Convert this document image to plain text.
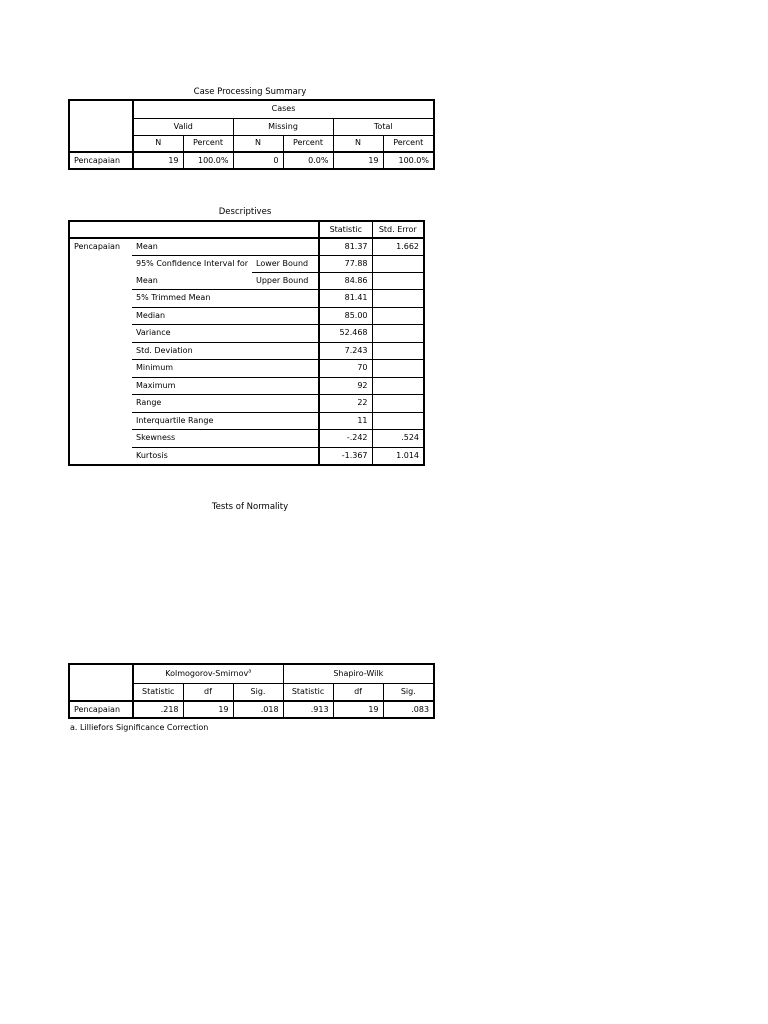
Case Processing Summary
	Cases					
	Valid		Missing		Total	
	N	Percent	N	Percent	N	Percent
Pencapaian	19	100.0%	0	0.0%	19	100.0%
Descriptives
			Statistic	Std. Error
Pencapaian	Mean		81.37	1.662
	95% Confidence Interval for	Lower Bound	77.88	
	Mean	Upper Bound	84.86	
	5% Trimmed Mean		81.41	
	Median		85.00	
	Variance		52.468	
	Std. Deviation		7.243	
	Minimum		70	
	Maximum		92	
	Range		22	
	Interquartile Range		11	
	Skewness		-.242	.524
	Kurtosis		-1.367	1.014
Tests of Normality
	Kolmogorov-Smirnov$^a$			Shapiro-Wilk		
	Statistic	df	Sig.	Statistic	df	Sig.
Pencapaian	.218	19	.018	.913	19	.083
a. Lilliefors Significance Correction
